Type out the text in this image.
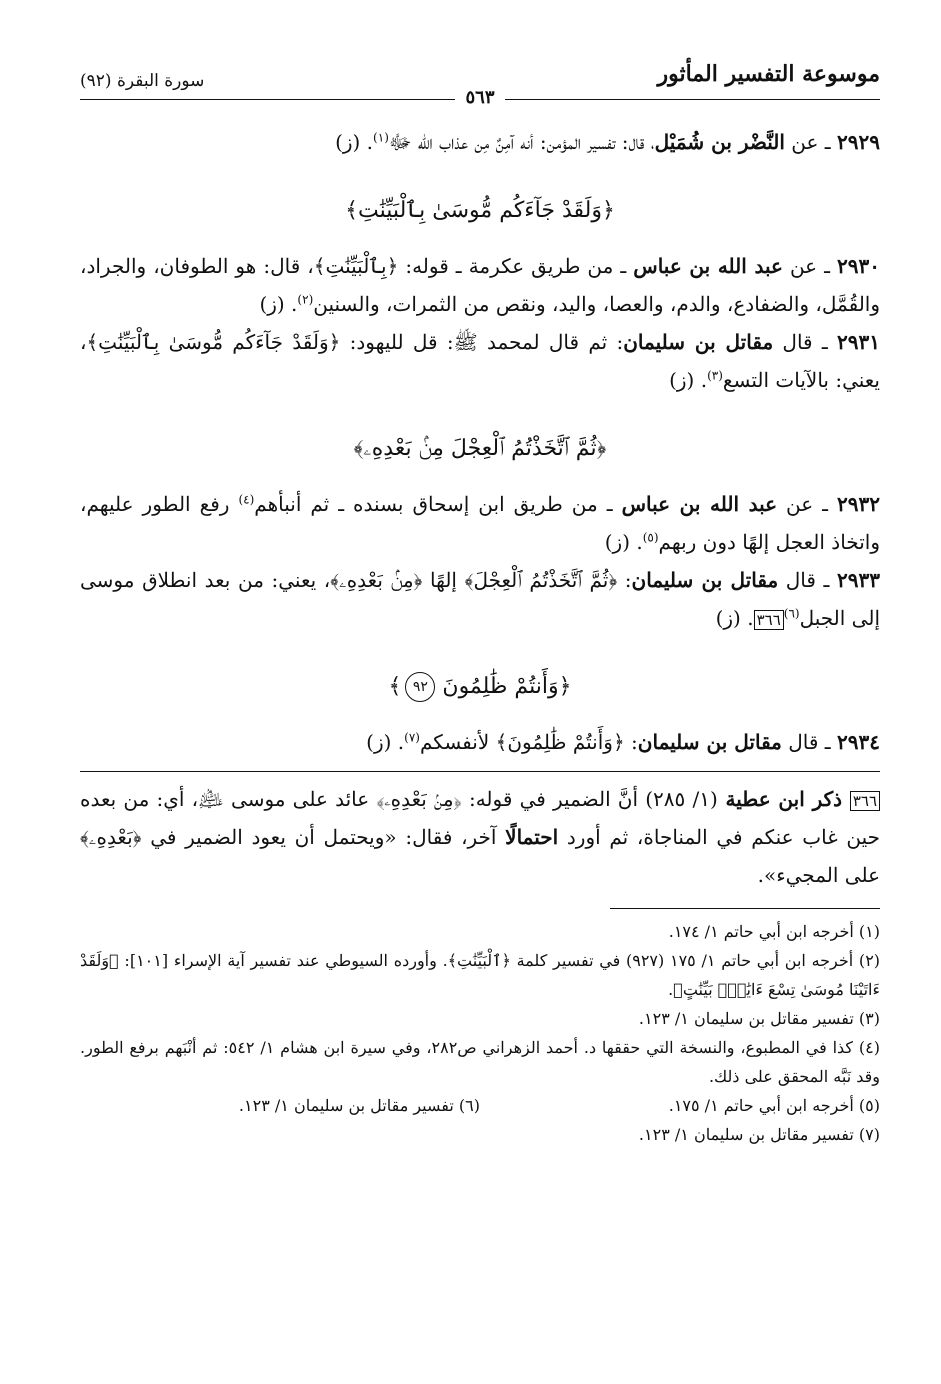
موسوعة التفسير المأثور
٥٦٣
سورة البقرة (٩٢)

٢٩٢٩ ـ عن النَّضْر بن شُمَيْل، قال: تفسير المؤمن: أنه آمِنٌ مِن عذاب الله ﷻ$^{(١)}$. (ز)

﴿وَلَقَدْ جَآءَكُم مُّوسَىٰ بِٱلْبَيِّنَٰتِ﴾

٢٩٣٠ ـ عن عبد الله بن عباس ـ من طريق عكرمة ـ قوله: ﴿بِٱلْبَيِّنَٰتِ﴾، قال: هو الطوفان، والجراد، والقُمَّل، والضفادع، والدم، والعصا، واليد، ونقص من الثمرات، والسنين$^{(٢)}$. (ز)

٢٩٣١ ـ قال مقاتل بن سليمان: ثم قال لمحمد ﷺ: قل لليهود: ﴿وَلَقَدْ جَآءَكُم مُّوسَىٰ بِٱلْبَيِّنَٰتِ﴾، يعني: بالآيات التسع$^{(٣)}$. (ز)

﴿ثُمَّ ٱتَّخَذْتُمُ ٱلْعِجْلَ مِنۢ بَعْدِهِۦ﴾

٢٩٣٢ ـ عن عبد الله بن عباس ـ من طريق ابن إسحاق بسنده ـ ثم أنبأهم$^{(٤)}$ رفع الطور عليهم، واتخاذ العجل إلهًا دون ربهم$^{(٥)}$. (ز)

٢٩٣٣ ـ قال مقاتل بن سليمان: ﴿ثُمَّ ٱتَّخَذْتُمُ ٱلْعِجْلَ﴾ إلهًا ﴿مِنۢ بَعْدِهِۦ﴾، يعني: من بعد انطلاق موسى إلى الجبل$^{(٦)}$٣٦٦. (ز)

﴿وَأَنتُمْ ظَٰلِمُونَ ٩٢﴾

٢٩٣٤ ـ قال مقاتل بن سليمان: ﴿وَأَنتُمْ ظَٰلِمُونَ﴾ لأنفسكم$^{(٧)}$. (ز)

٣٦٦ ذكر ابن عطية (١/ ٢٨٥) أنَّ الضمير في قوله: ﴿مِنۢ بَعْدِهِۦ﴾ عائد على موسى ﵇، أي: من بعده حين غاب عنكم في المناجاة، ثم أورد احتمالًا آخر، فقال: «ويحتمل أن يعود الضمير في ﴿بَعْدِهِۦ﴾ على المجيء».

(١) أخرجه ابن أبي حاتم ١/ ١٧٤.

(٢) أخرجه ابن أبي حاتم ١/ ١٧٥ (٩٢٧) في تفسير كلمة ﴿ٱلْبَيِّنَٰتِ﴾. وأورده السيوطي عند تفسير آية الإسراء [١٠١]: ﴿وَلَقَدْ ءَاتَيْنَا مُوسَىٰ تِسْعَ ءَايَٰتٍۭ بَيِّنَٰتٍ﴾.

(٣) تفسير مقاتل بن سليمان ١/ ١٢٣.

(٤) كذا في المطبوع، والنسخة التي حققها د. أحمد الزهراني ص٢٨٢، وفي سيرة ابن هشام ١/ ٥٤٢: ثم أنْبَهم برفع الطور. وقد نَبَّه المحقق على ذلك.

(٥) أخرجه ابن أبي حاتم ١/ ١٧٥.

(٦) تفسير مقاتل بن سليمان ١/ ١٢٣.

(٧) تفسير مقاتل بن سليمان ١/ ١٢٣.
